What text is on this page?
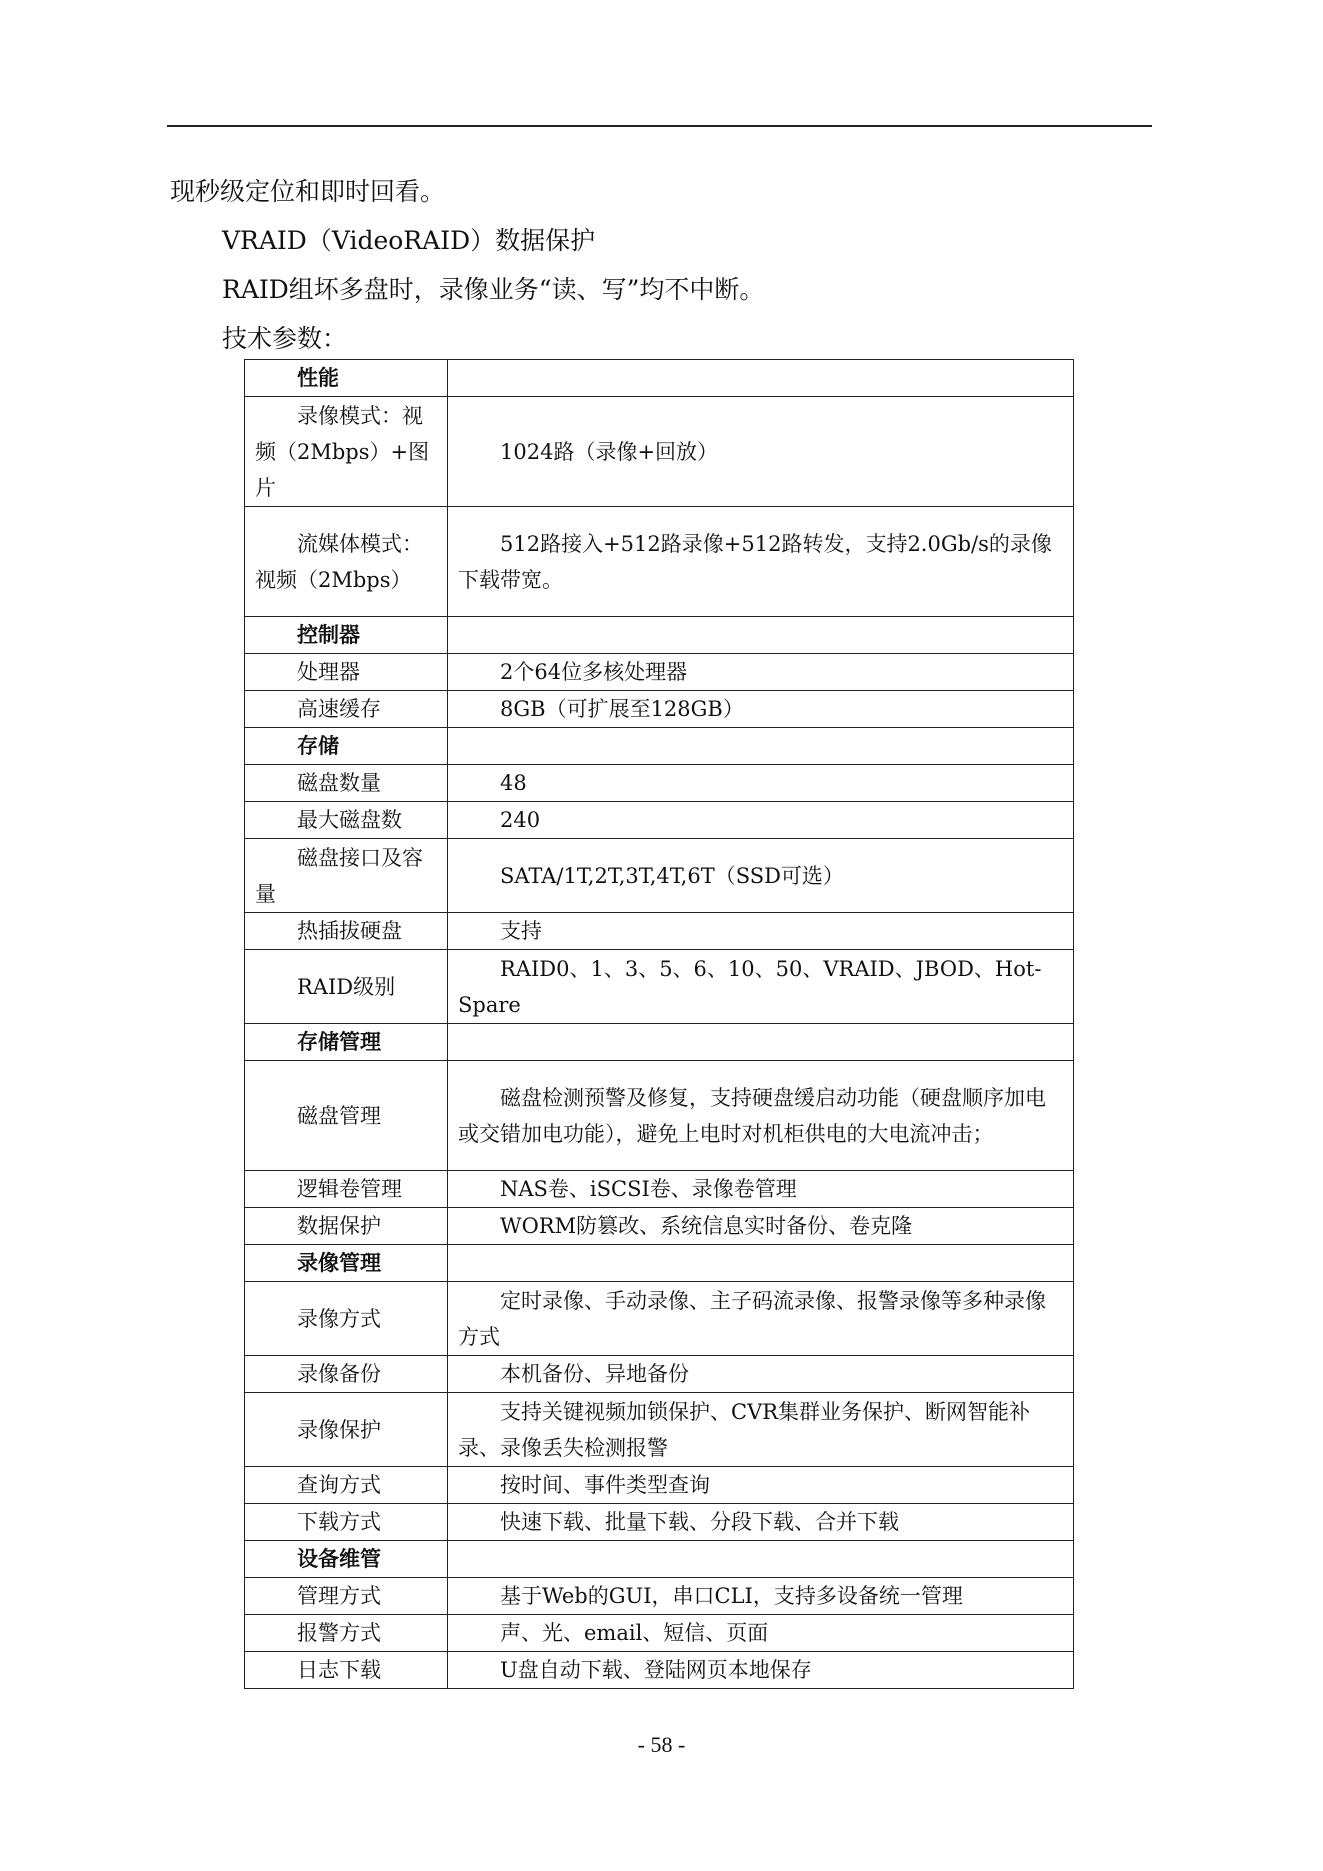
现秒级定位和即时回看。
VRAID（VideoRAID）数据保护
RAID组坏多盘时，录像业务“读、写”均不中断。
技术参数：
性能	
录像模式：视频（2Mbps）+图片	1024路（录像+回放）
流媒体模式：视频（2Mbps）	512路接入+512路录像+512路转发，支持2.0Gb/s的录像下载带宽。
控制器	
处理器	2个64位多核处理器
高速缓存	8GB（可扩展至128GB）
存储	
磁盘数量	48
最大磁盘数	240
磁盘接口及容量	SATA/1T,2T,3T,4T,6T（SSD可选）
热插拔硬盘	支持
RAID级别	RAID0、1、3、5、6、10、50、VRAID、JBOD、Hot-Spare
存储管理	
磁盘管理	磁盘检测预警及修复，支持硬盘缓启动功能（硬盘顺序加电或交错加电功能），避免上电时对机柜供电的大电流冲击；
逻辑卷管理	NAS卷、iSCSI卷、录像卷管理
数据保护	WORM防篡改、系统信息实时备份、卷克隆
录像管理	
录像方式	定时录像、手动录像、主子码流录像、报警录像等多种录像方式
录像备份	本机备份、异地备份
录像保护	支持关键视频加锁保护、CVR集群业务保护、断网智能补录、录像丢失检测报警
查询方式	按时间、事件类型查询
下载方式	快速下载、批量下载、分段下载、合并下载
设备维管	
管理方式	基于Web的GUI，串口CLI，支持多设备统一管理
报警方式	声、光、email、短信、页面
日志下载	U盘自动下载、登陆网页本地保存
- 58 -
